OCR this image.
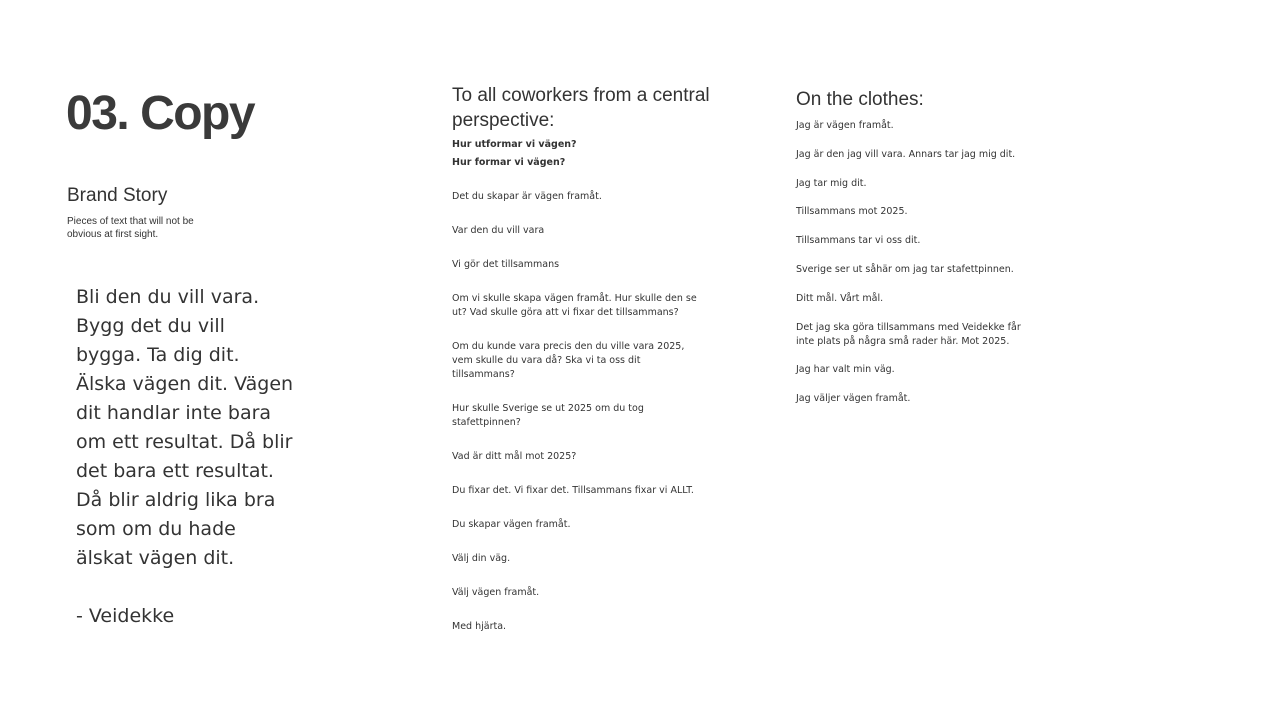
03. Copy
Brand Story
Pieces of text that will not be obvious at first sight.

Bli den du vill vara. Bygg det du vill bygga. Ta dig dit. Älska vägen dit. Vägen dit handlar inte bara om ett resultat. Då blir det bara ett resultat. Då blir aldrig lika bra som om du hade älskat vägen dit.

- Veidekke

To all coworkers from a central perspective:

Hur utformar vi vägen?

Hur formar vi vägen?

Det du skapar är vägen framåt.

Var den du vill vara

Vi gör det tillsammans

Om vi skulle skapa vägen framåt. Hur skulle den se ut? Vad skulle göra att vi fixar det tillsammans?

Om du kunde vara precis den du ville vara 2025, vem skulle du vara då? Ska vi ta oss dit tillsammans?

Hur skulle Sverige se ut 2025 om du tog stafettpinnen?

Vad är ditt mål mot 2025?

Du fixar det. Vi fixar det. Tillsammans fixar vi ALLT.

Du skapar vägen framåt.

Välj din väg.

Välj vägen framåt.

Med hjärta.

On the clothes:

Jag är vägen framåt.

Jag är den jag vill vara. Annars tar jag mig dit.

Jag tar mig dit.

Tillsammans mot 2025.

Tillsammans tar vi oss dit.

Sverige ser ut såhär om jag tar stafettpinnen.

Ditt mål. Vårt mål.

Det jag ska göra tillsammans med Veidekke får inte plats på några små rader här. Mot 2025.

Jag har valt min väg.

Jag väljer vägen framåt.
